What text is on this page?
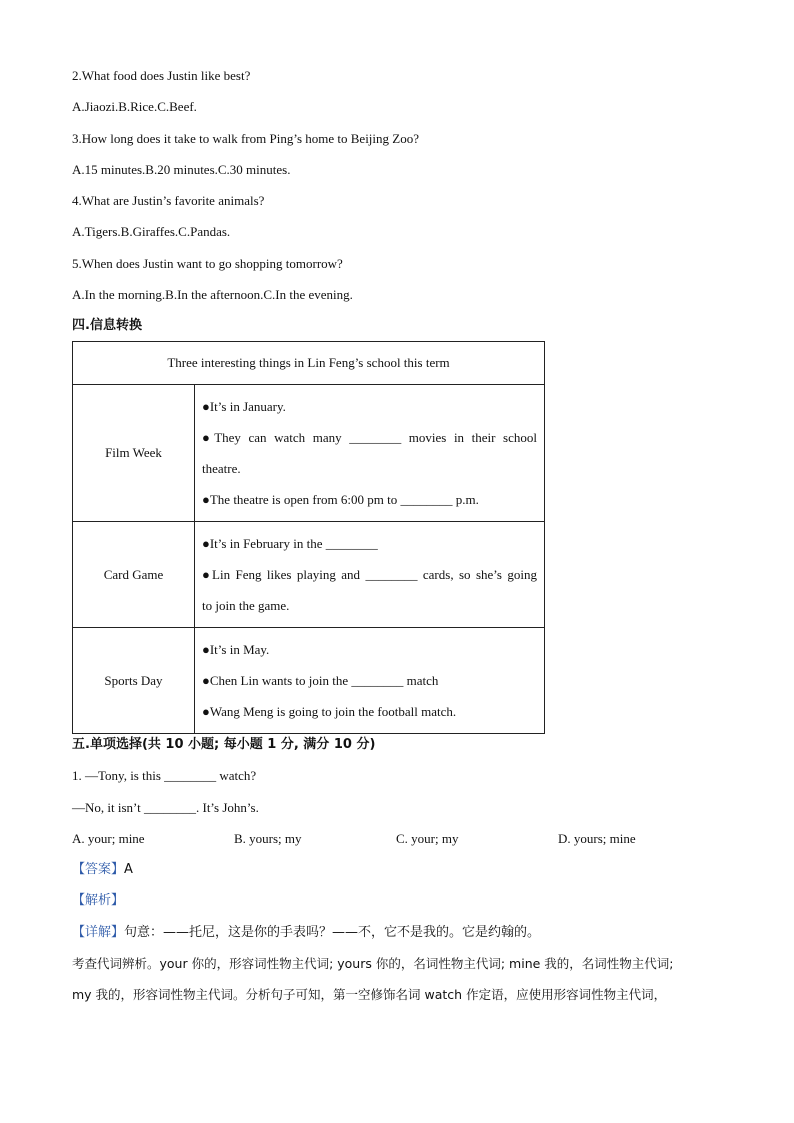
2.What food does Justin like best?
A.Jiaozi.B.Rice.C.Beef.
3.How long does it take to walk from Ping’s home to Beijing Zoo?
A.15 minutes.B.20 minutes.C.30 minutes.
4.What are Justin’s favorite animals?
A.Tigers.B.Giraffes.C.Pandas.
5.When does Justin want to go shopping tomorrow?
A.In the morning.B.In the afternoon.C.In the evening.
四.信息转换
Three interesting things in Lin Feng’s school this term	
Film Week	●It’s in January.
●They can watch many ________ movies in their school
theatre.
●The theatre is open from 6:00 pm to ________ p.m.

Card Game	●It’s in February in the ________
●Lin Feng likes playing and ________ cards, so she’s going
to join the game.

Sports Day	●It’s in May.
●Chen Lin wants to join the ________ match
●Wang Meng is going to join the football match.
五.单项选择(共 10 小题; 每小题 1 分, 满分 10 分)
1. —Tony, is this ________ watch?
—No, it isn’t ________. It’s John’s.
A. your; mine	B. yours; my	C. your; my	D. yours; mine
【答案】A
【解析】
【详解】句意：——托尼，这是你的手表吗？——不，它不是我的。它是约翰的。
考查代词辨析。your 你的，形容词性物主代词; yours 你的，名词性物主代词; mine 我的，名词性物主代词;
my 我的，形容词性物主代词。分析句子可知，第一空修饰名词 watch 作定语，应使用形容词性物主代词，
